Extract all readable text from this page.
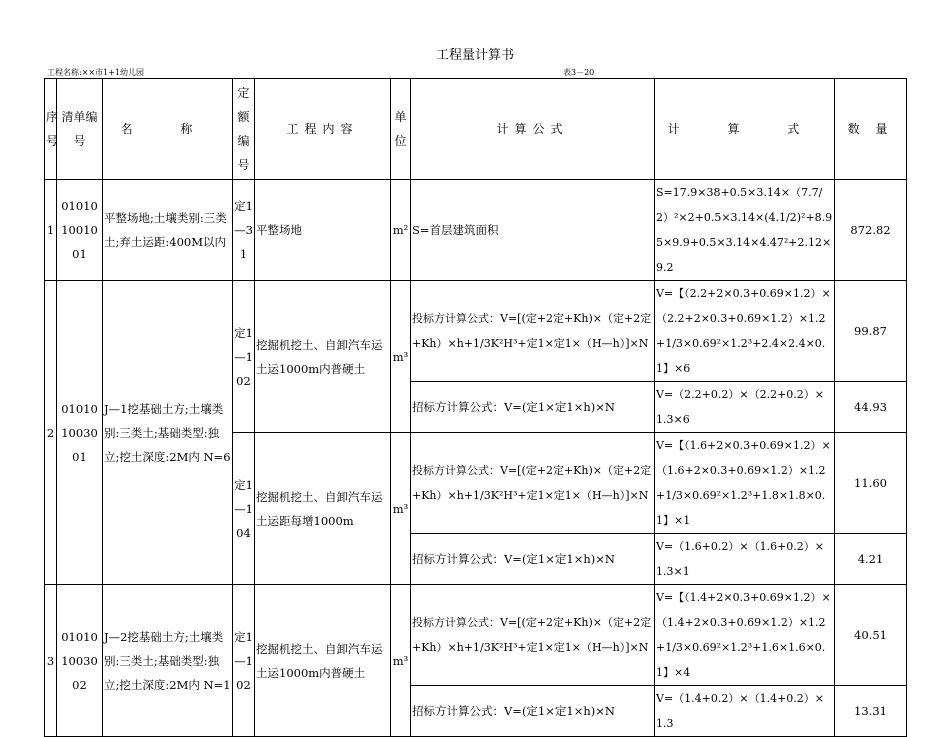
工程量计算书
工程名称:××市1+1幼儿园	表3－20
序号	清单编号	名 称	定额编号	工程内容	单位	计算公式	计 算 式	数 量
1	010101001001	平整场地;土壤类别:三类土;弃土运距:400M以内	定1—31	平整场地	m²	S=首层建筑面积	S=17.9×38+0.5×3.14×（7.7/2）²×2+0.5×3.14×(4.1/2)²+8.95×9.9+0.5×3.14×4.47²+2.12×9.2	872.82
2	010101003001	J—1挖基础土方;土壤类别:三类土;基础类型:独立;挖土深度:2M内 N=6	定1—102	挖掘机挖土、自卸汽车运土运1000m内普硬土	m³	投标方计算公式：V=[(定+2定+Kh)×（定+2定+Kh）×h+1/3K²H³+定1×定1×（H—h）]×N	V=【（2.2+2×0.3+0.69×1.2）×（2.2+2×0.3+0.69×1.2）×1.2+1/3×0.69²×1.2³+2.4×2.4×0.1】×6	99.87
						招标方计算公式：V=(定1×定1×h)×N	V=（2.2+0.2）×（2.2+0.2）×1.3×6	44.93
			定1—104	挖掘机挖土、自卸汽车运土运距每增1000m	m³	投标方计算公式：V=[(定+2定+Kh)×（定+2定+Kh）×h+1/3K²H³+定1×定1×（H—h）]×N	V=【（1.6+2×0.3+0.69×1.2）×（1.6+2×0.3+0.69×1.2）×1.2+1/3×0.69²×1.2³+1.8×1.8×0.1】×1	11.60
						招标方计算公式：V=(定1×定1×h)×N	V=（1.6+0.2）×（1.6+0.2）×1.3×1	4.21
3	010101003002	J—2挖基础土方;土壤类别:三类土;基础类型:独立;挖土深度:2M内 N=1	定1—102	挖掘机挖土、自卸汽车运土运1000m内普硬土	m³	投标方计算公式：V=[(定+2定+Kh)×（定+2定+Kh）×h+1/3K²H³+定1×定1×（H—h）]×N	V=【（1.4+2×0.3+0.69×1.2）×（1.4+2×0.3+0.69×1.2）×1.2+1/3×0.69²×1.2³+1.6×1.6×0.1】×4	40.51
						招标方计算公式：V=(定1×定1×h)×N	V=（1.4+0.2）×（1.4+0.2）×1.3	13.31
